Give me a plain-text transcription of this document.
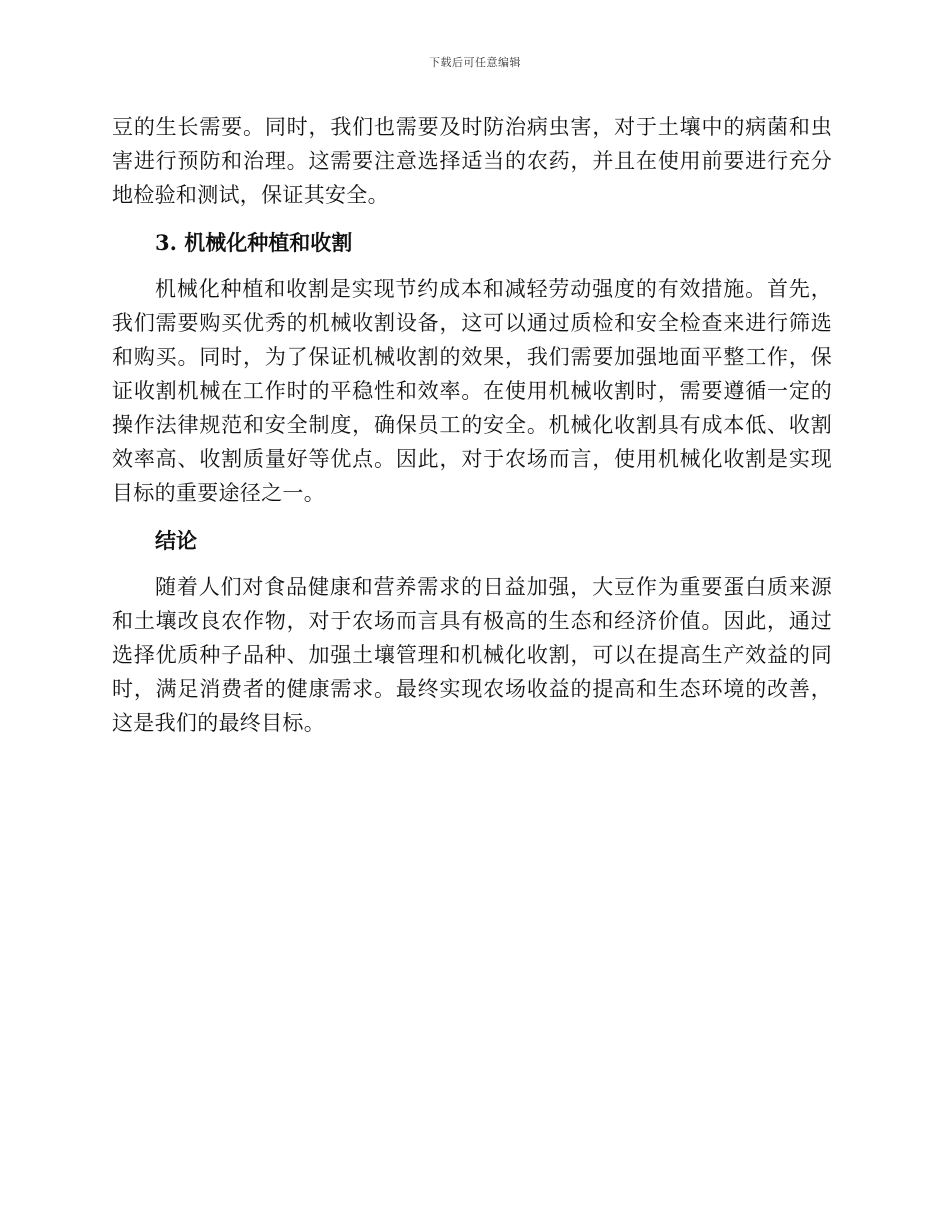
下载后可任意编辑

豆的生长需要。同时，我们也需要及时防治病虫害，对于土壤中的病菌和虫害进行预防和治理。这需要注意选择适当的农药，并且在使用前要进行充分地检验和测试，保证其安全。

3. 机械化种植和收割

机械化种植和收割是实现节约成本和减轻劳动强度的有效措施。首先，我们需要购买优秀的机械收割设备，这可以通过质检和安全检查来进行筛选和购买。同时，为了保证机械收割的效果，我们需要加强地面平整工作，保证收割机械在工作时的平稳性和效率。在使用机械收割时，需要遵循一定的操作法律规范和安全制度，确保员工的安全。机械化收割具有成本低、收割效率高、收割质量好等优点。因此，对于农场而言，使用机械化收割是实现目标的重要途径之一。

结论

随着人们对食品健康和营养需求的日益加强，大豆作为重要蛋白质来源和土壤改良农作物，对于农场而言具有极高的生态和经济价值。因此，通过选择优质种子品种、加强土壤管理和机械化收割，可以在提高生产效益的同时，满足消费者的健康需求。最终实现农场收益的提高和生态环境的改善，这是我们的最终目标。
